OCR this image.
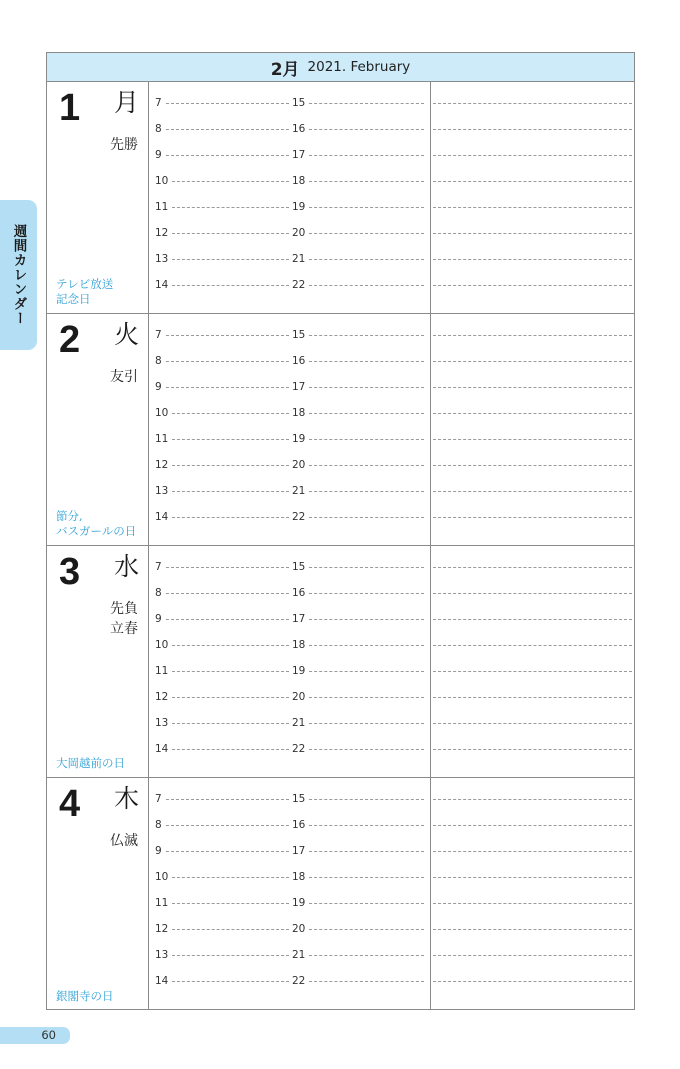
週間カレンダー
2月 2021. February
1 月
先勝
テレビ放送
記念日
7	15
8	16
9	17
10	18
11	19
12	20
13	21
14	22
2 火
友引
節分,
バスガールの日
7	15
8	16
9	17
10	18
11	19
12	20
13	21
14	22
3 水
先負
立春
大岡越前の日
7	15
8	16
9	17
10	18
11	19
12	20
13	21
14	22
4 木
仏滅
銀閣寺の日
7	15
8	16
9	17
10	18
11	19
12	20
13	21
14	22
60
